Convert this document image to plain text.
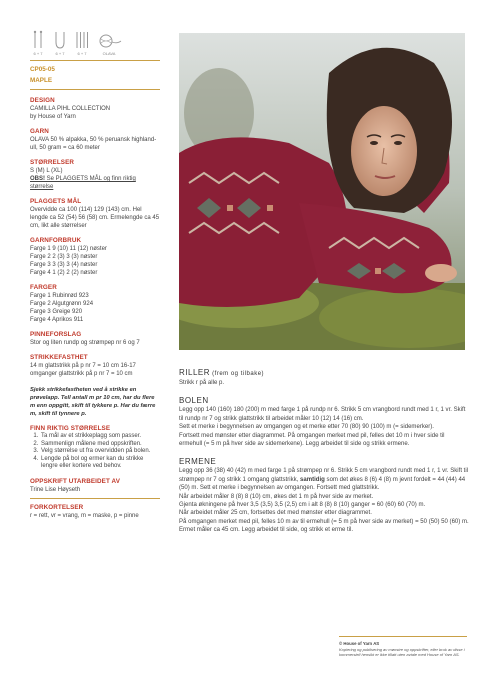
6 + 7	6 + 7	6 + 7	OLAVA
CP05-05
MAPLE
DESIGN
CAMILLA PIHL COLLECTION
by House of Yarn
GARN
OLAVA 50 % alpakka, 50 % peruansk highland-ull, 50 gram = ca 60 meter
STØRRELSER
S (M) L (XL)
OBS! Se PLAGGETS MÅL og finn riktig størrelse
PLAGGETS MÅL
Overvidde ca 100 (114) 129 (143) cm. Hel lengde ca 52 (54) 56 (58) cm. Ermelengde ca 45 cm, likt alle størrelser
GARNFORBRUK
Farge 1 9 (10) 11 (12) nøster
Farge 2 2 (3) 3 (3) nøster
Farge 3 3 (3) 3 (4) nøster
Farge 4 1 (2) 2 (2) nøster
FARGER
Farge 1 Rubinrød 923
Farge 2 Algutgrønn 924
Farge 3 Greige 920
Farge 4 Aprikos 911
PINNEFORSLAG
Stor og liten rundp og strømpep nr 6 og 7
STRIKKEFASTHET
14 m glattstrikk på p nr 7 = 10 cm 16-17 omganger glattstrikk på p nr 7 = 10 cm
Sjekk strikkefastheten ved å strikke en prøvelapp. Tell antall m pr 10 cm, har du flere m enn oppgitt, skift til tykkere p. Har du færre m, skift til tynnere p.
FINN RIKTIG STØRRELSE
1. Ta mål av et strikkeplagg som passer.
2. Sammenlign målene med oppskriften.
3. Velg størrelse ut fra overvidden på bolen.
4. Lengde på bol og ermer kan du strikke lengre eller kortere ved behov.
OPPSKRIFT UTARBEIDET AV
Trine Lise Høyseth
FORKORTELSER
r = rett, vr = vrang, m = maske, p = pinne
RILLER (frem og tilbake)
Strikk r på alle p.
BOLEN
Legg opp 140 (160) 180 (200) m med farge 1 på rundp nr 6. Strikk 5 cm vrangbord rundt med 1 r, 1 vr. Skift til rundp nr 7 og strikk glattstrikk til arbeidet måler 10 (12) 14 (16) cm.
Sett et merke i begynnelsen av omgangen og et merke etter 70 (80) 90 (100) m (= sidemerker).
Fortsett med mønster etter diagrammet. På omgangen merket med pil, felles det 10 m i hver side til ermehull (= 5 m på hver side av sidemerkene). Legg arbeidet til side og strikk ermene.
ERMENE
Legg opp 36 (38) 40 (42) m med farge 1 på strømpep nr 6. Strikk 5 cm vrangbord rundt med 1 r, 1 vr. Skift til strømpep nr 7 og strikk 1 omgang glattstrikk, samtidig som det økes 8 (6) 4 (8) m jevnt fordelt = 44 (44) 44 (50) m. Sett et merke i begynnelsen av omgangen. Fortsett med glattstrikk.
Når arbeidet måler 8 (8) 8 (10) cm, økes det 1 m på hver side av merket.
Gjenta økningene på hver 3,5 (3,5) 3,5 (2,5) cm i alt 8 (8) 8 (10) ganger = 60 (60) 60 (70) m.
Når arbeidet måler 25 cm, fortsettes det med mønster etter diagrammet.
På omgangen merket med pil, felles 10 m av til ermehull (= 5 m på hver side av merket) = 50 (50) 50 (60) m. Ermet måler ca 45 cm. Legg arbeidet til side, og strikk et erme til.
© House of Yarn AS
Kopiering og publisering av mønstre og oppskrifter, eller bruk av disse i kommersiell hensikt er ikke tillatt uten avtale med House of Yarn AS.
